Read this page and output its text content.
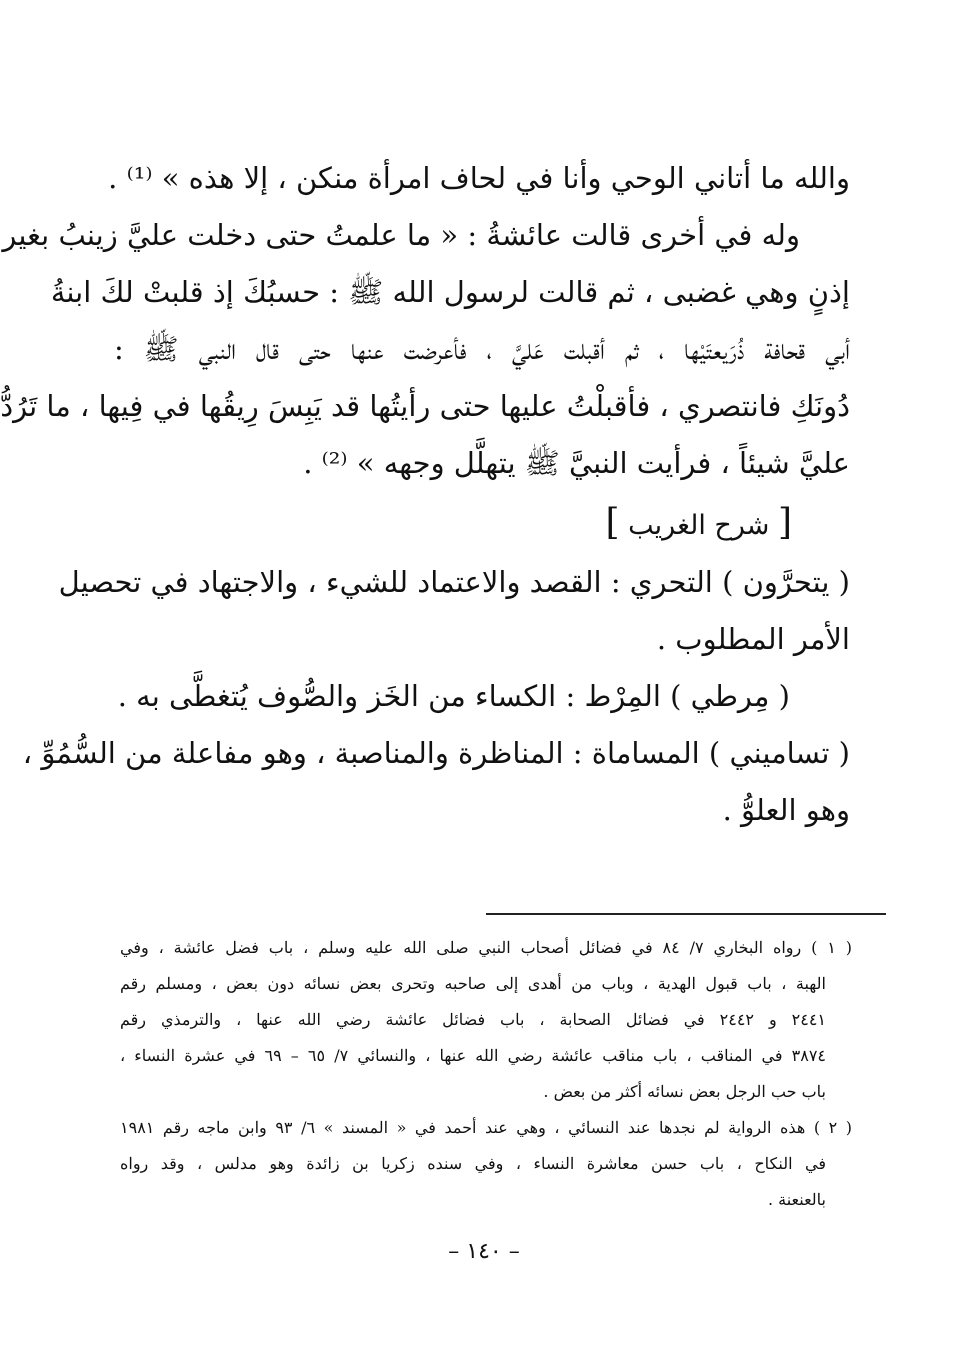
والله ما أتاني الوحي وأنا في لحاف امرأة منكن ، إلا هذه » ⁽¹⁾ .
وله في أخرى قالت عائشةُ : « ما علمتُ حتى دخلت عليَّ زينبُ بغير
إذنٍ وهي غضبى ، ثم قالت لرسول الله ﷺ : حسبُكَ إذ قلبتْ لكَ ابنةُ
أبي قحافة ذُرَيعتَيْها ، ثم أقبلت عَليَّ ، فأعرضت عنها حتى قال النبي ﷺ :
دُونَكِ فانتصري ، فأقبلْتُ عليها حتى رأيتُها قد يَبِسَ رِيقُها في فِيها ، ما تَرُدُّ
عليَّ شيئاً ، فرأيت النبيَّ ﷺ يتهلَّل وجهه » ⁽²⁾ .
[ شرح الغريب ]
( يتحرَّون ) التحري : القصد والاعتماد للشيء ، والاجتهاد في تحصيل
الأمر المطلوب .
( مِرطي ) المِرْط : الكساء من الخَز والصُّوف يُتغطَّى به .
( تساميني ) المساماة : المناظرة والمناصبة ، وهو مفاعلة من السُّمُوِّ ،
وهو العلوُّ .
( ١ ) رواه البخاري ٧/ ٨٤ في فضائل أصحاب النبي صلى الله عليه وسلم ، باب فضل عائشة ، وفي
الهبة ، باب قبول الهدية ، وباب من أهدى إلى صاحبه وتحرى بعض نسائه دون بعض ، ومسلم رقم
٢٤٤١ و ٢٤٤٢ في فضائل الصحابة ، باب فضائل عائشة رضي الله عنها ، والترمذي رقم
٣٨٧٤ في المناقب ، باب مناقب عائشة رضي الله عنها ، والنسائي ٧/ ٦٥ – ٦٩ في عشرة النساء ،
باب حب الرجل بعض نسائه أكثر من بعض .
( ٢ ) هذه الرواية لم نجدها عند النسائي ، وهي عند أحمد في « المسند » ٦/ ٩٣ وابن ماجه رقم ١٩٨١
في النكاح ، باب حسن معاشرة النساء ، وفي سنده زكريا بن زائدة وهو مدلس ، وقد رواه
بالعنعنة .
– ١٤٠ –
